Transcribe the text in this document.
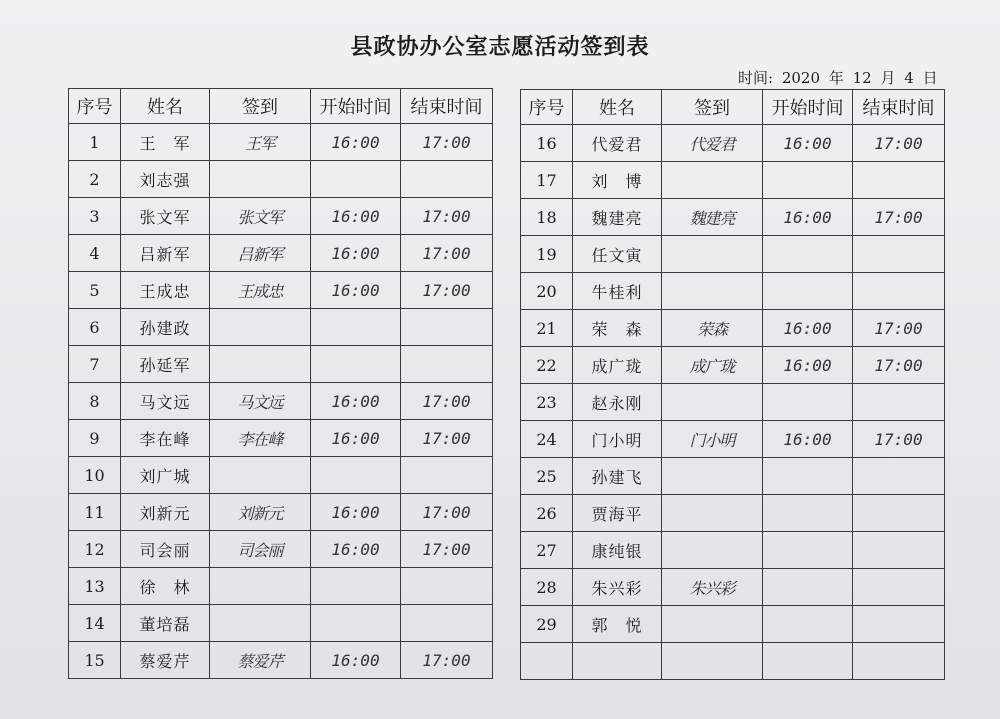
县政协办公室志愿活动签到表
时间: 2020 年 12 月 4 日
序号	姓名	签到	开始时间	结束时间
1	王　军	王军	16:00	17:00
2	刘志强			
3	张文军	张文军	16:00	17:00
4	吕新军	吕新军	16:00	17:00
5	王成忠	王成忠	16:00	17:00
6	孙建政			
7	孙延军			
8	马文远	马文远	16:00	17:00
9	李在峰	李在峰	16:00	17:00
10	刘广城			
11	刘新元	刘新元	16:00	17:00
12	司会丽	司会丽	16:00	17:00
13	徐　林			
14	董培磊			
15	蔡爱芹	蔡爱芹	16:00	17:00
序号	姓名	签到	开始时间	结束时间
16	代爱君	代爱君	16:00	17:00
17	刘　博			
18	魏建亮	魏建亮	16:00	17:00
19	任文寅			
20	牛桂利			
21	荣　森	荣森	16:00	17:00
22	成广珑	成广珑	16:00	17:00
23	赵永刚			
24	门小明	门小明	16:00	17:00
25	孙建飞			
26	贾海平			
27	康纯银			
28	朱兴彩	朱兴彩		
29	郭　悦			
